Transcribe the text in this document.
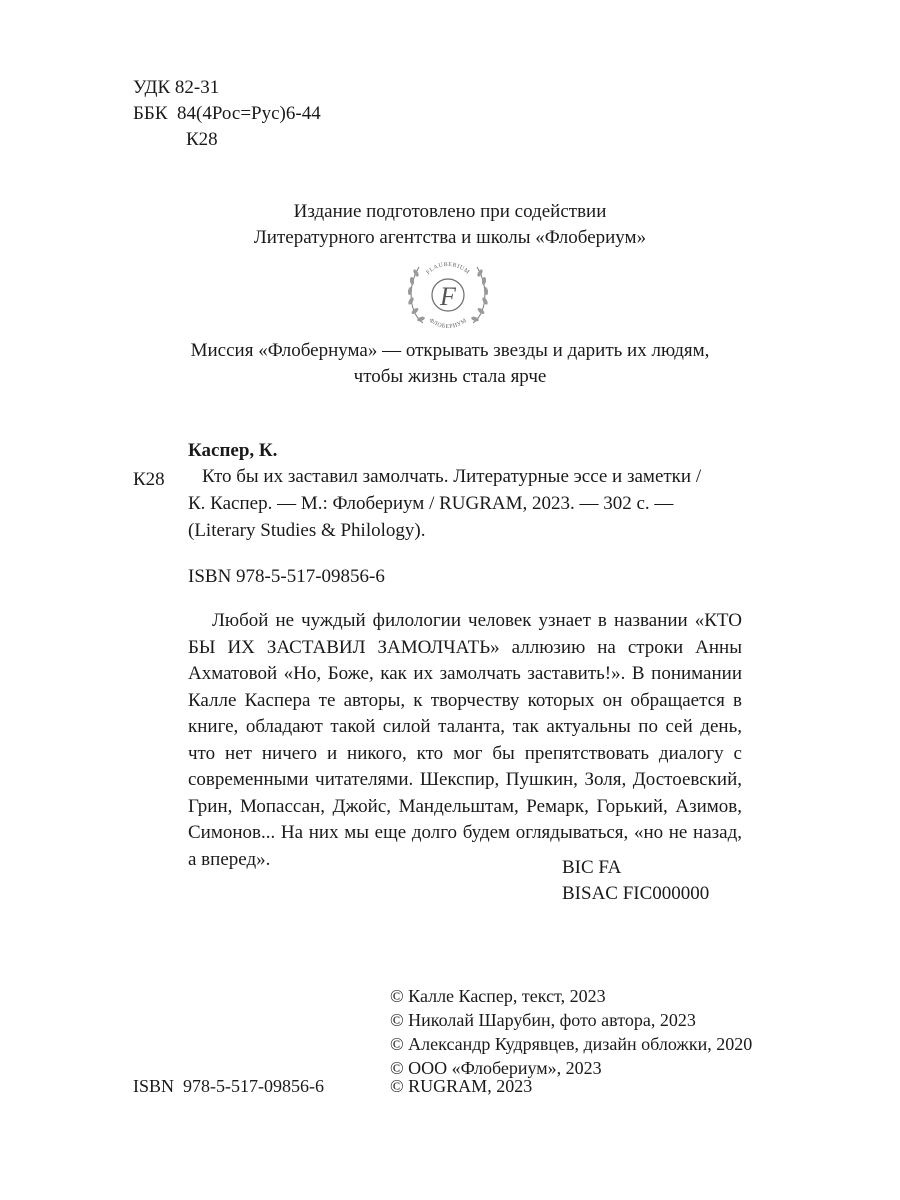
УДК 82-31
ББК  84(4Рос=Рус)6-44
К28
Издание подготовлено при содействии
Литературного агентства и школы «Флобериум»
F
FLAUBERIUM
ФЛОБЕРИУМ
Миссия «Флобернума» — открывать звезды и дарить их людям,
чтобы жизнь стала ярче
Каспер, К.
К28 Кто бы их заставил замолчать. Литературные эссе и заметки /
К. Каспер. — М.: Флобериум / RUGRAM, 2023. — 302 с. —
(Literary Studies & Philology).
ISBN 978-5-517-09856-6

Любой не чуждый филологии человек узнает в названии «КТО БЫ ИХ ЗАСТАВИЛ ЗАМОЛЧАТЬ» аллюзию на строки Анны Ахматовой «Но, Боже, как их замолчать заставить!». В понимании Калле Каспера те авторы, к творчеству которых он обращается в книге, обладают такой силой таланта, так актуальны по сей день, что нет ничего и никого, кто мог бы препятствовать диалогу с современными читателями. Шекспир, Пушкин, Золя, Достоевский, Грин, Мопассан, Джойс, Мандельштам, Ремарк, Горький, Азимов, Симонов... На них мы еще долго будем оглядываться, «но не назад, а вперед».	BIC FA
BISAC FIC000000
© Калле Каспер, текст, 2023
© Николай Шарубин, фото автора, 2023
© Александр Кудрявцев, дизайн обложки, 2020
© ООО «Флобериум», 2023
ISBN  978-5-517-09856-6	© RUGRAM, 2023
